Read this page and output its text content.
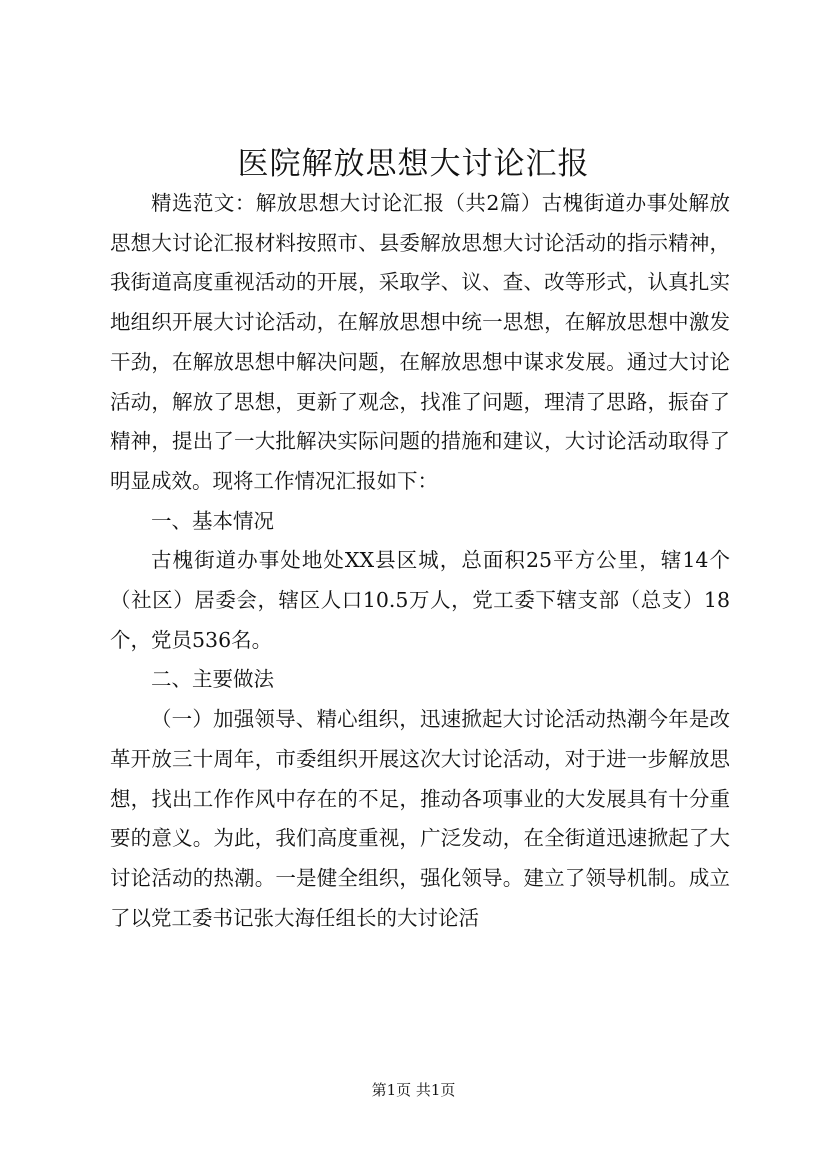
医院解放思想大讨论汇报

精选范文：解放思想大讨论汇报（共2篇）古槐街道办事处解放思想大讨论汇报材料按照市、县委解放思想大讨论活动的指示精神，我街道高度重视活动的开展，采取学、议、查、改等形式，认真扎实地组织开展大讨论活动，在解放思想中统一思想，在解放思想中激发干劲，在解放思想中解决问题，在解放思想中谋求发展。通过大讨论活动，解放了思想，更新了观念，找准了问题，理清了思路，振奋了精神，提出了一大批解决实际问题的措施和建议，大讨论活动取得了明显成效。现将工作情况汇报如下：

一、基本情况

古槐街道办事处地处XX县区城，总面积25平方公里，辖14个（社区）居委会，辖区人口10.5万人，党工委下辖支部（总支）18个，党员536名。

二、主要做法

（一）加强领导、精心组织，迅速掀起大讨论活动热潮今年是改革开放三十周年，市委组织开展这次大讨论活动，对于进一步解放思想，找出工作作风中存在的不足，推动各项事业的大发展具有十分重要的意义。为此，我们高度重视，广泛发动，在全街道迅速掀起了大讨论活动的热潮。一是健全组织，强化领导。建立了领导机制。成立了以党工委书记张大海任组长的大讨论活

第1页 共1页
